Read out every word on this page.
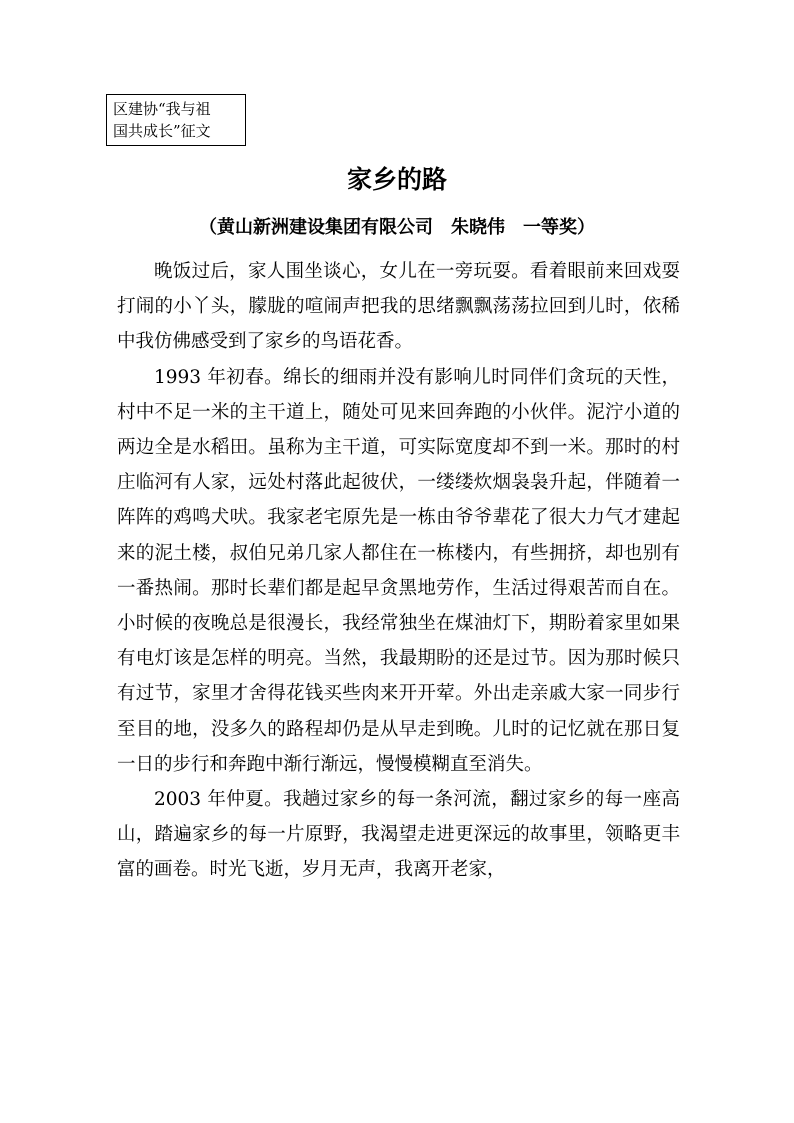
区建协“我与祖
国共成长”征文
家乡的路
（黄山新洲建设集团有限公司　朱晓伟　一等奖）

晚饭过后，家人围坐谈心，女儿在一旁玩耍。看着眼前来回戏耍打闹的小丫头，朦胧的喧闹声把我的思绪飘飘荡荡拉回到儿时，依稀中我仿佛感受到了家乡的鸟语花香。

1993 年初春。绵长的细雨并没有影响儿时同伴们贪玩的天性，村中不足一米的主干道上，随处可见来回奔跑的小伙伴。泥泞小道的两边全是水稻田。虽称为主干道，可实际宽度却不到一米。那时的村庄临河有人家，远处村落此起彼伏，一缕缕炊烟袅袅升起，伴随着一阵阵的鸡鸣犬吠。我家老宅原先是一栋由爷爷辈花了很大力气才建起来的泥土楼，叔伯兄弟几家人都住在一栋楼内，有些拥挤，却也别有一番热闹。那时长辈们都是起早贪黑地劳作，生活过得艰苦而自在。小时候的夜晚总是很漫长，我经常独坐在煤油灯下，期盼着家里如果有电灯该是怎样的明亮。当然，我最期盼的还是过节。因为那时候只有过节，家里才舍得花钱买些肉来开开荤。外出走亲戚大家一同步行至目的地，没多久的路程却仍是从早走到晚。儿时的记忆就在那日复一日的步行和奔跑中渐行渐远，慢慢模糊直至消失。

2003 年仲夏。我趟过家乡的每一条河流，翻过家乡的每一座高山，踏遍家乡的每一片原野，我渴望走进更深远的故事里，领略更丰富的画卷。时光飞逝，岁月无声，我离开老家，
